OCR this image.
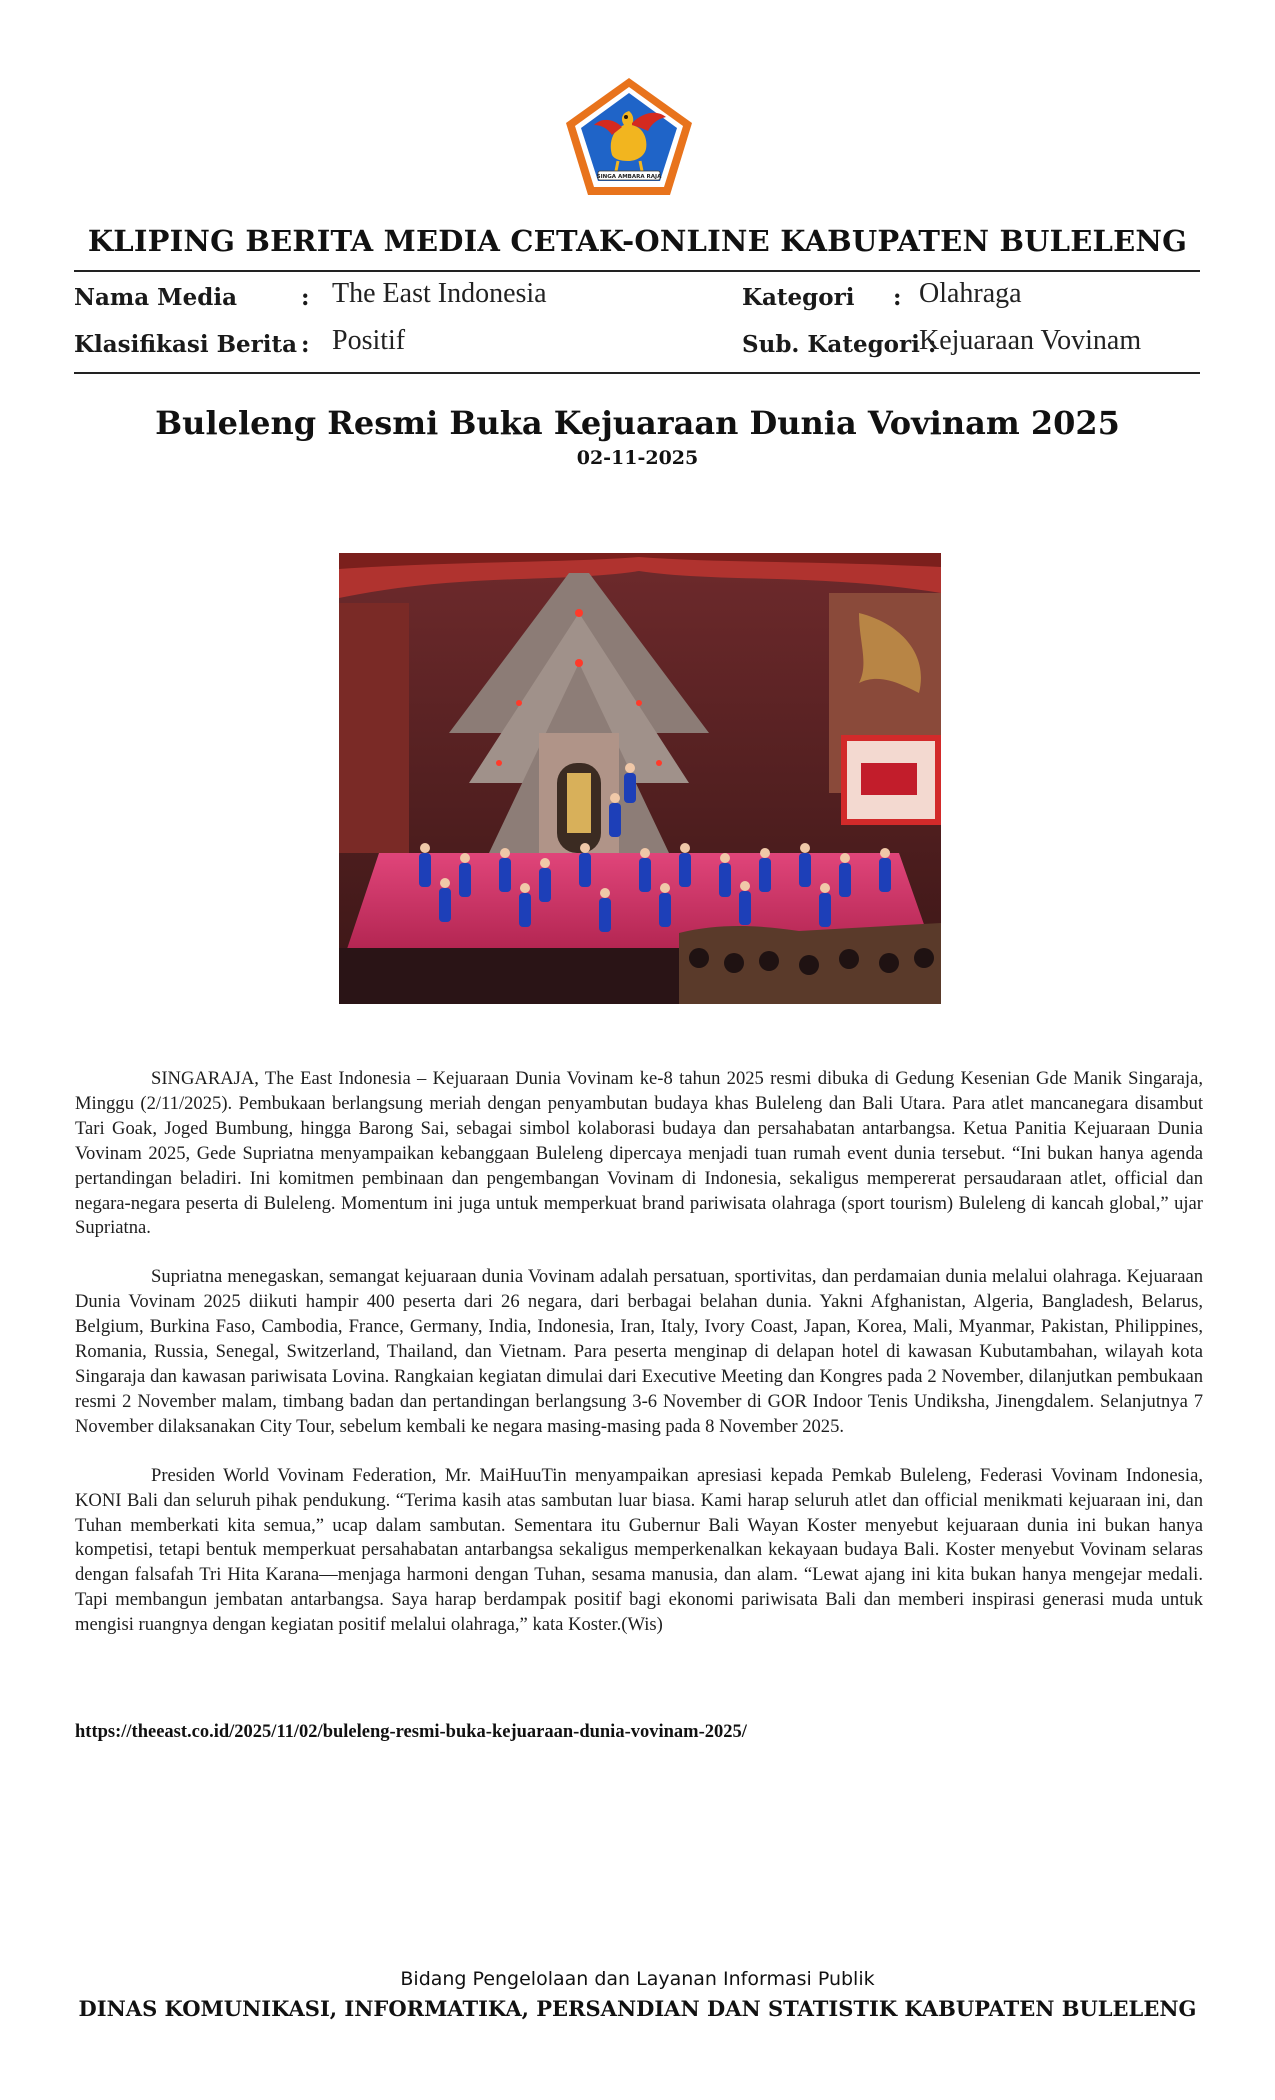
SINGA AMBARA RAJA
KLIPING BERITA MEDIA CETAK-ONLINE KABUPATEN BULELENG
Nama Media	: The East Indonesia	Kategori : Olahraga
Klasifikasi Berita : Positif	Sub. Kategori :
Kejuaraan Vovinam
Buleleng Resmi Buka Kejuaraan Dunia Vovinam 2025
02-11-2025

SINGARAJA, The East Indonesia – Kejuaraan Dunia Vovinam ke-8 tahun 2025 resmi dibuka di Gedung Kesenian Gde Manik Singaraja, Minggu (2/11/2025). Pembukaan berlangsung meriah dengan penyambutan budaya khas Buleleng dan Bali Utara. Para atlet mancanegara disambut Tari Goak, Joged Bumbung, hingga Barong Sai, sebagai simbol kolaborasi budaya dan persahabatan antarbangsa. Ketua Panitia Kejuaraan Dunia Vovinam 2025, Gede Supriatna menyampaikan kebanggaan Buleleng dipercaya menjadi tuan rumah event dunia tersebut. “Ini bukan hanya agenda pertandingan beladiri. Ini komitmen pembinaan dan pengembangan Vovinam di Indonesia, sekaligus mempererat persaudaraan atlet, official dan negara-negara peserta di Buleleng. Momentum ini juga untuk memperkuat brand pariwisata olahraga (sport tourism) Buleleng di kancah global,” ujar Supriatna.

Supriatna menegaskan, semangat kejuaraan dunia Vovinam adalah persatuan, sportivitas, dan perdamaian dunia melalui olahraga. Kejuaraan Dunia Vovinam 2025 diikuti hampir 400 peserta dari 26 negara, dari berbagai belahan dunia. Yakni Afghanistan, Algeria, Bangladesh, Belarus, Belgium, Burkina Faso, Cambodia, France, Germany, India, Indonesia, Iran, Italy, Ivory Coast, Japan, Korea, Mali, Myanmar, Pakistan, Philippines, Romania, Russia, Senegal, Switzerland, Thailand, dan Vietnam. Para peserta menginap di delapan hotel di kawasan Kubutambahan, wilayah kota Singaraja dan kawasan pariwisata Lovina. Rangkaian kegiatan dimulai dari Executive Meeting dan Kongres pada 2 November, dilanjutkan pembukaan resmi 2 November malam, timbang badan dan pertandingan berlangsung 3-6 November di GOR Indoor Tenis Undiksha, Jinengdalem. Selanjutnya 7 November dilaksanakan City Tour, sebelum kembali ke negara masing-masing pada 8 November 2025.

Presiden World Vovinam Federation, Mr. MaiHuuTin menyampaikan apresiasi kepada Pemkab Buleleng, Federasi Vovinam Indonesia, KONI Bali dan seluruh pihak pendukung. “Terima kasih atas sambutan luar biasa. Kami harap seluruh atlet dan official menikmati kejuaraan ini, dan Tuhan memberkati kita semua,” ucap dalam sambutan. Sementara itu Gubernur Bali Wayan Koster menyebut kejuaraan dunia ini bukan hanya kompetisi, tetapi bentuk memperkuat persahabatan antarbangsa sekaligus memperkenalkan kekayaan budaya Bali. Koster menyebut Vovinam selaras dengan falsafah Tri Hita Karana—menjaga harmoni dengan Tuhan, sesama manusia, dan alam. “Lewat ajang ini kita bukan hanya mengejar medali. Tapi membangun jembatan antarbangsa. Saya harap berdampak positif bagi ekonomi pariwisata Bali dan memberi inspirasi generasi muda untuk mengisi ruangnya dengan kegiatan positif melalui olahraga,” kata Koster.(Wis)

https://theeast.co.id/2025/11/02/buleleng-resmi-buka-kejuaraan-dunia-vovinam-2025/
Bidang Pengelolaan dan Layanan Informasi Publik
DINAS KOMUNIKASI, INFORMATIKA, PERSANDIAN DAN STATISTIK KABUPATEN BULELENG
